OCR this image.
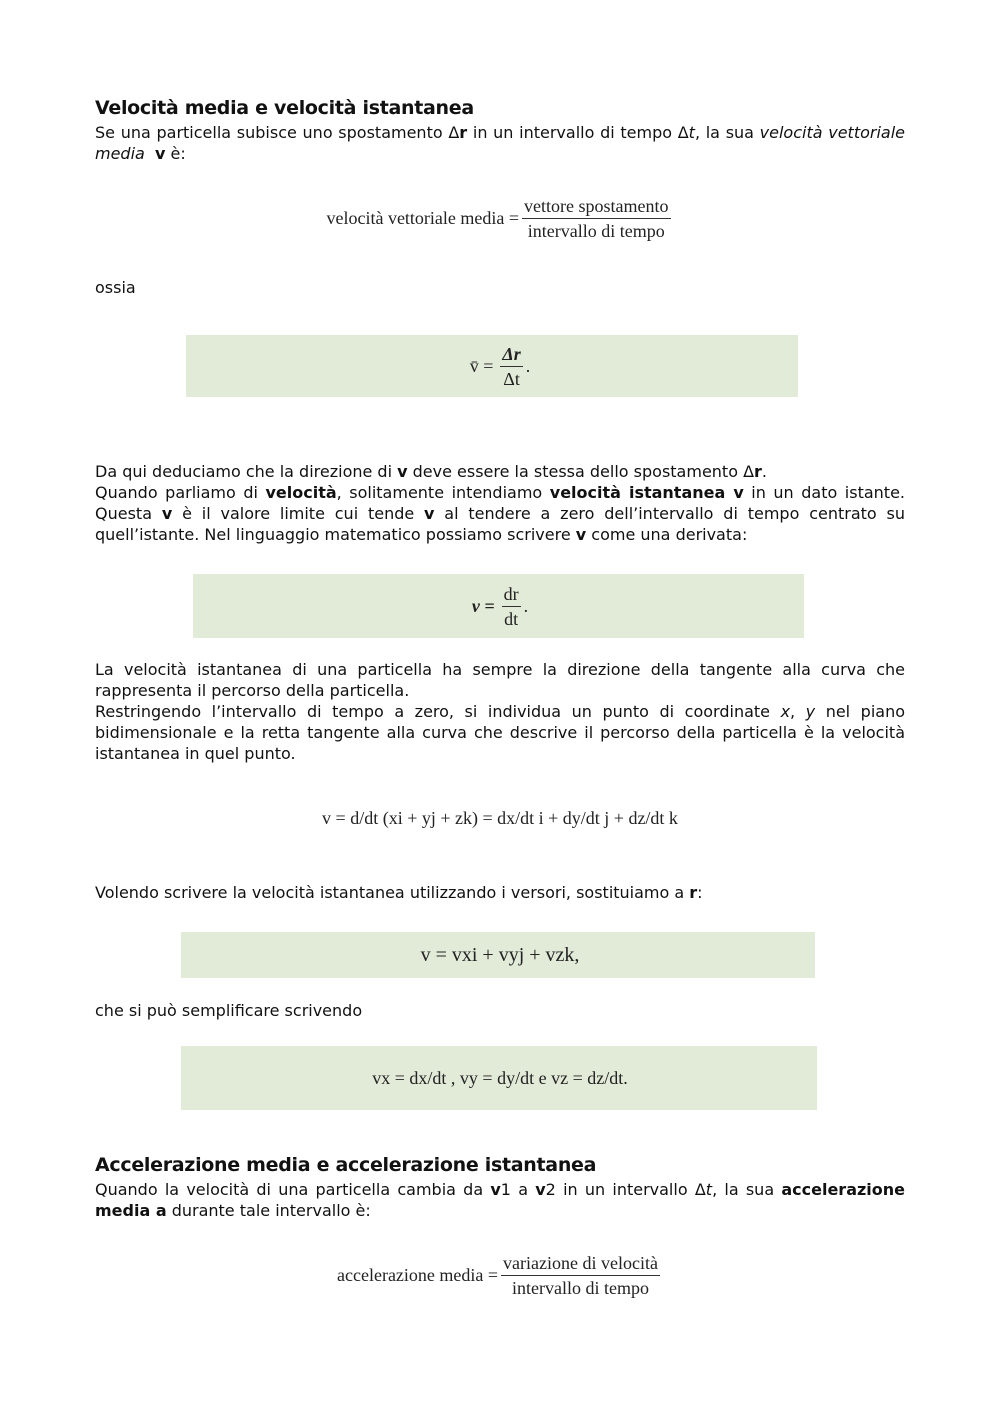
Velocità media e velocità istantanea

Se una particella subisce uno spostamento Δr in un intervallo di tempo Δt, la sua velocità vettoriale media v è:

velocità vettoriale media = $\frac{\text{vettore spostamento}}{\text{intervallo di tempo}}$

ossia

v̄ = $\frac{\Delta r}{\Delta t}$ .

Da qui deduciamo che la direzione di v deve essere la stessa dello spostamento Δr.

Quando parliamo di velocità, solitamente intendiamo velocità istantanea v in un dato istante. Questa v è il valore limite cui tende v al tendere a zero dell’intervallo di tempo centrato su quell’istante. Nel linguaggio matematico possiamo scrivere v come una derivata:

$v = \frac{dr}{dt}$ .

La velocità istantanea di una particella ha sempre la direzione della tangente alla curva che rappresenta il percorso della particella.

Restringendo l’intervallo di tempo a zero, si individua un punto di coordinate x, y nel piano bidimensionale e la retta tangente alla curva che descrive il percorso della particella è la velocità istantanea in quel punto.

v = d/dt (xi + yj + zk) = dx/dt i + dy/dt j + dz/dt k

Volendo scrivere la velocità istantanea utilizzando i versori, sostituiamo a r:

v = vxi + vyj + vzk,

che si può semplificare scrivendo

vx = dx/dt , vy = dy/dt e vz = dz/dt.
Accelerazione media e accelerazione istantanea

Quando la velocità di una particella cambia da v1 a v2 in un intervallo Δt, la sua accelerazione media a durante tale intervallo è:

accelerazione media = $\frac{\text{variazione di velocità}}{\text{intervallo di tempo}}$
